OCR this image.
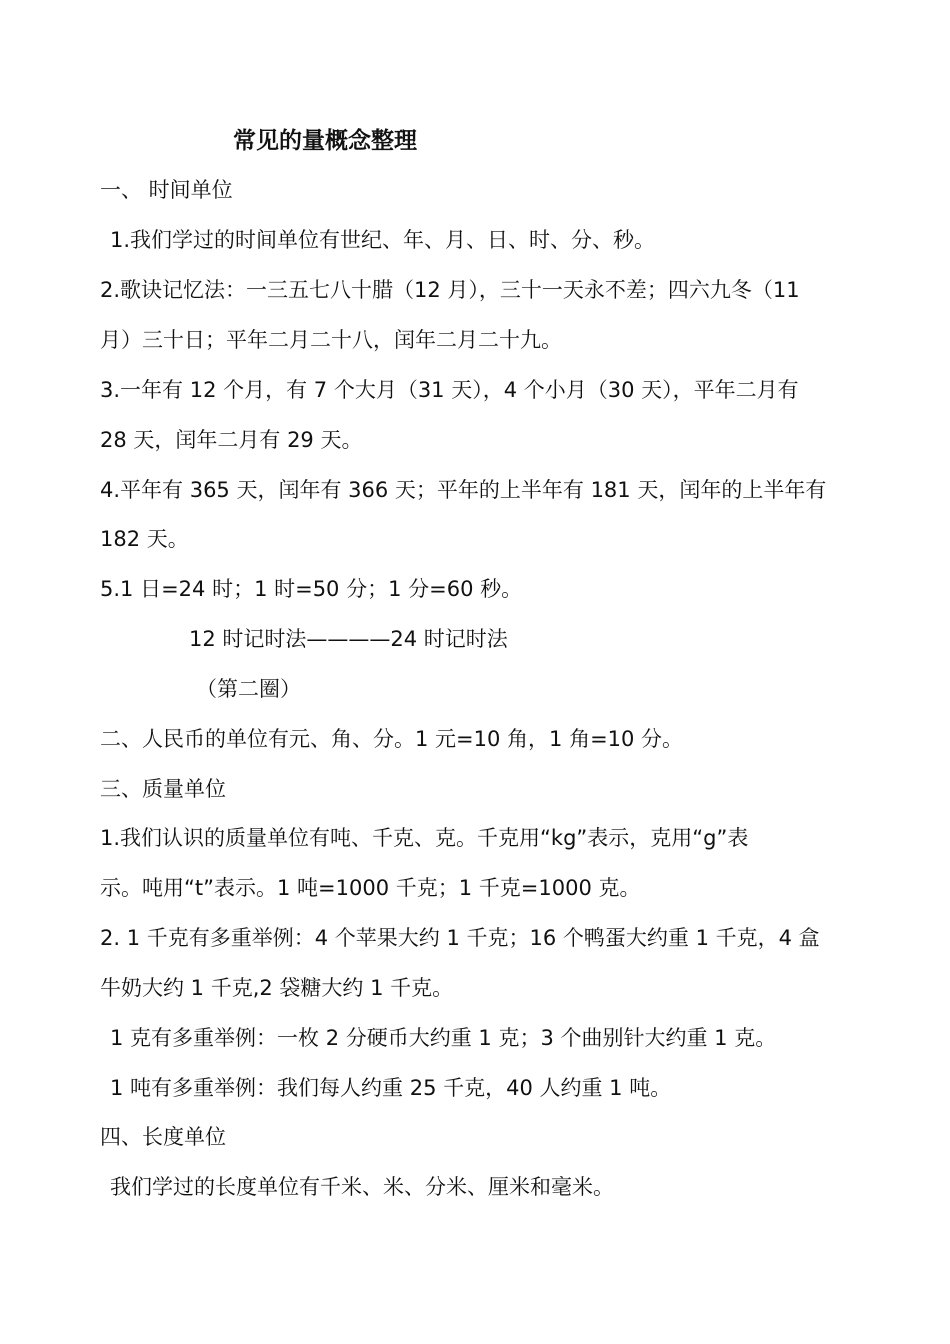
常见的量概念整理
一、 时间单位
1.我们学过的时间单位有世纪、年、月、日、时、分、秒。
2.歌诀记忆法：一三五七八十腊（12 月），三十一天永不差；四六九冬（11
月）三十日；平年二月二十八，闰年二月二十九。
3.一年有 12 个月，有 7 个大月（31 天），4 个小月（30 天），平年二月有
28 天，闰年二月有 29 天。
4.平年有 365 天，闰年有 366 天；平年的上半年有 181 天，闰年的上半年有
182 天。
5.1 日=24 时；1 时=50 分；1 分=60 秒。
12 时记时法————24 时记时法
（第二圈）
二、人民币的单位有元、角、分。1 元=10 角，1 角=10 分。
三、质量单位
1.我们认识的质量单位有吨、千克、克。千克用“kg”表示，克用“g”表
示。吨用“t”表示。1 吨=1000 千克；1 千克=1000 克。
2. 1 千克有多重举例：4 个苹果大约 1 千克；16 个鸭蛋大约重 1 千克，4 盒
牛奶大约 1 千克,2 袋糖大约 1 千克。
1 克有多重举例：一枚 2 分硬币大约重 1 克；3 个曲别针大约重 1 克。
1 吨有多重举例：我们每人约重 25 千克，40 人约重 1 吨。
四、长度单位
我们学过的长度单位有千米、米、分米、厘米和毫米。
